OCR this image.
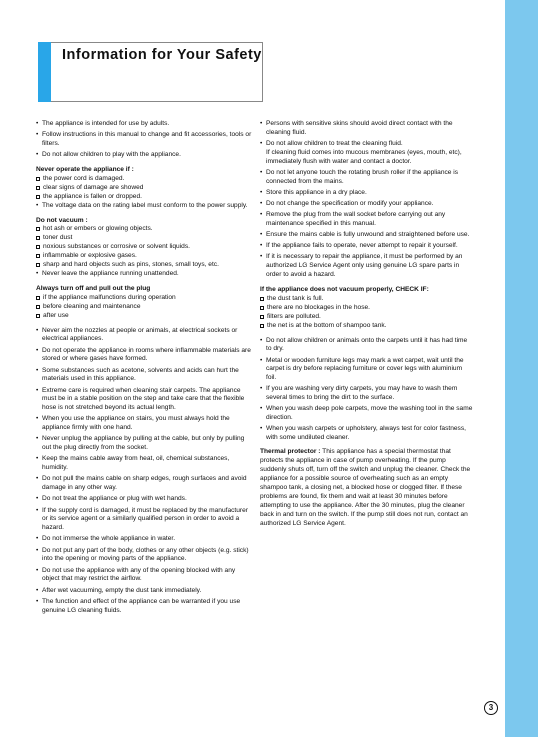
Information for Your Safety
• The appliance is intended for use by adults.
• Follow instructions in this manual to change and fit accessories, tools or filters.
• Do not allow children to play with the appliance.
Never operate the appliance if :
the power cord is damaged.
clear signs of damage are showed
the appliance is fallen or dropped.
• The voltage data on the rating label must conform to the power supply.
Do not vacuum :
hot ash or embers or glowing objects.
toner dust
noxious substances or corrosive or solvent liquids.
inflammable or explosive gases.
sharp and hard objects such as pins, stones, small toys, etc.
• Never leave the appliance running unattended.
Always turn off and pull out the plug
if the appliance malfunctions during operation
before cleaning and maintenance
after use
• Never aim the nozzles at people or animals, at electrical sockets or electrical appliances.
• Do not operate the appliance in rooms where inflammable materials are stored or where gases have formed.
• Some substances such as acetone, solvents and acids can hurt the materials used in this appliance.
• Extreme care is required when cleaning stair carpets. The appliance must be in a stable position on the step and take care that the flexible hose is not stretched beyond its actual length.
• When you use the appliance on stairs, you must always hold the appliance firmly with one hand.
• Never unplug the appliance by pulling at the cable, but only by pulling out the plug directly from the socket.
• Keep the mains cable away from heat, oil, chemical substances, humidity.
• Do not pull the mains cable on sharp edges, rough surfaces and avoid damage in any other way.
• Do not treat the appliance or plug with wet hands.
• If the supply cord is damaged, it must be replaced by the manufacturer or its service agent or a similarly qualified person in order to avoid a hazard.
• Do not immerse the whole appliance in water.
• Do not put any part of the body, clothes or any other objects (e.g. stick) into the opening or moving parts of the appliance.
• Do not use the appliance with any of the opening blocked with any object that may restrict the airflow.
• After wet vacuuming, empty the dust tank immediately.
• The function and effect of the appliance can be warranted if you use genuine LG cleaning fluids.
• Persons with sensitive skins should avoid direct contact with the cleaning fluid.
• Do not allow children to treat the cleaning fluid.
If cleaning fluid comes into mucous membranes (eyes, mouth, etc), immediately flush with water and contact a doctor.
• Do not let anyone touch the rotating brush roller if the appliance is connected from the mains.
• Store this appliance in a dry place.
• Do not change the specification or modify your appliance.
• Remove the plug from the wall socket before carrying out any maintenance specified in this manual.
• Ensure the mains cable is fully unwound and straightened before use.
• If the appliance fails to operate, never attempt to repair it yourself.
• If it is necessary to repair the appliance, it must be performed by an authorized LG Service Agent only using genuine LG spare parts in order to avoid a hazard.
If the appliance does not vacuum properly, CHECK IF:
the dust tank is full.
there are no blockages in the hose.
filters are polluted.
the net is at the bottom of shampoo tank.
• Do not allow children or animals onto the carpets until it has had time to dry.
• Metal or wooden furniture legs may mark a wet carpet, wait until the carpet is dry before replacing furniture or cover legs with aluminium foil.
• If you are washing very dirty carpets, you may have to wash them several times to bring the dirt to the surface.
• When you wash deep pole carpets, move the washing tool in the same direction.
• When you wash carpets or upholstery, always test for color fastness, with some undiluted cleaner.

Thermal protector : This appliance has a special thermostat that protects the appliance in case of pump overheating. If the pump suddenly shuts off, turn off the switch and unplug the cleaner. Check the appliance for a possible source of overheating such as an empty shampoo tank, a closing net, a blocked hose or clogged filter. If these problems are found, fix them and wait at least 30 minutes before attempting to use the appliance. After the 30 minutes, plug the cleaner back in and turn on the switch. If the pump still does not run, contact an authorized LG Service Agent.

3
